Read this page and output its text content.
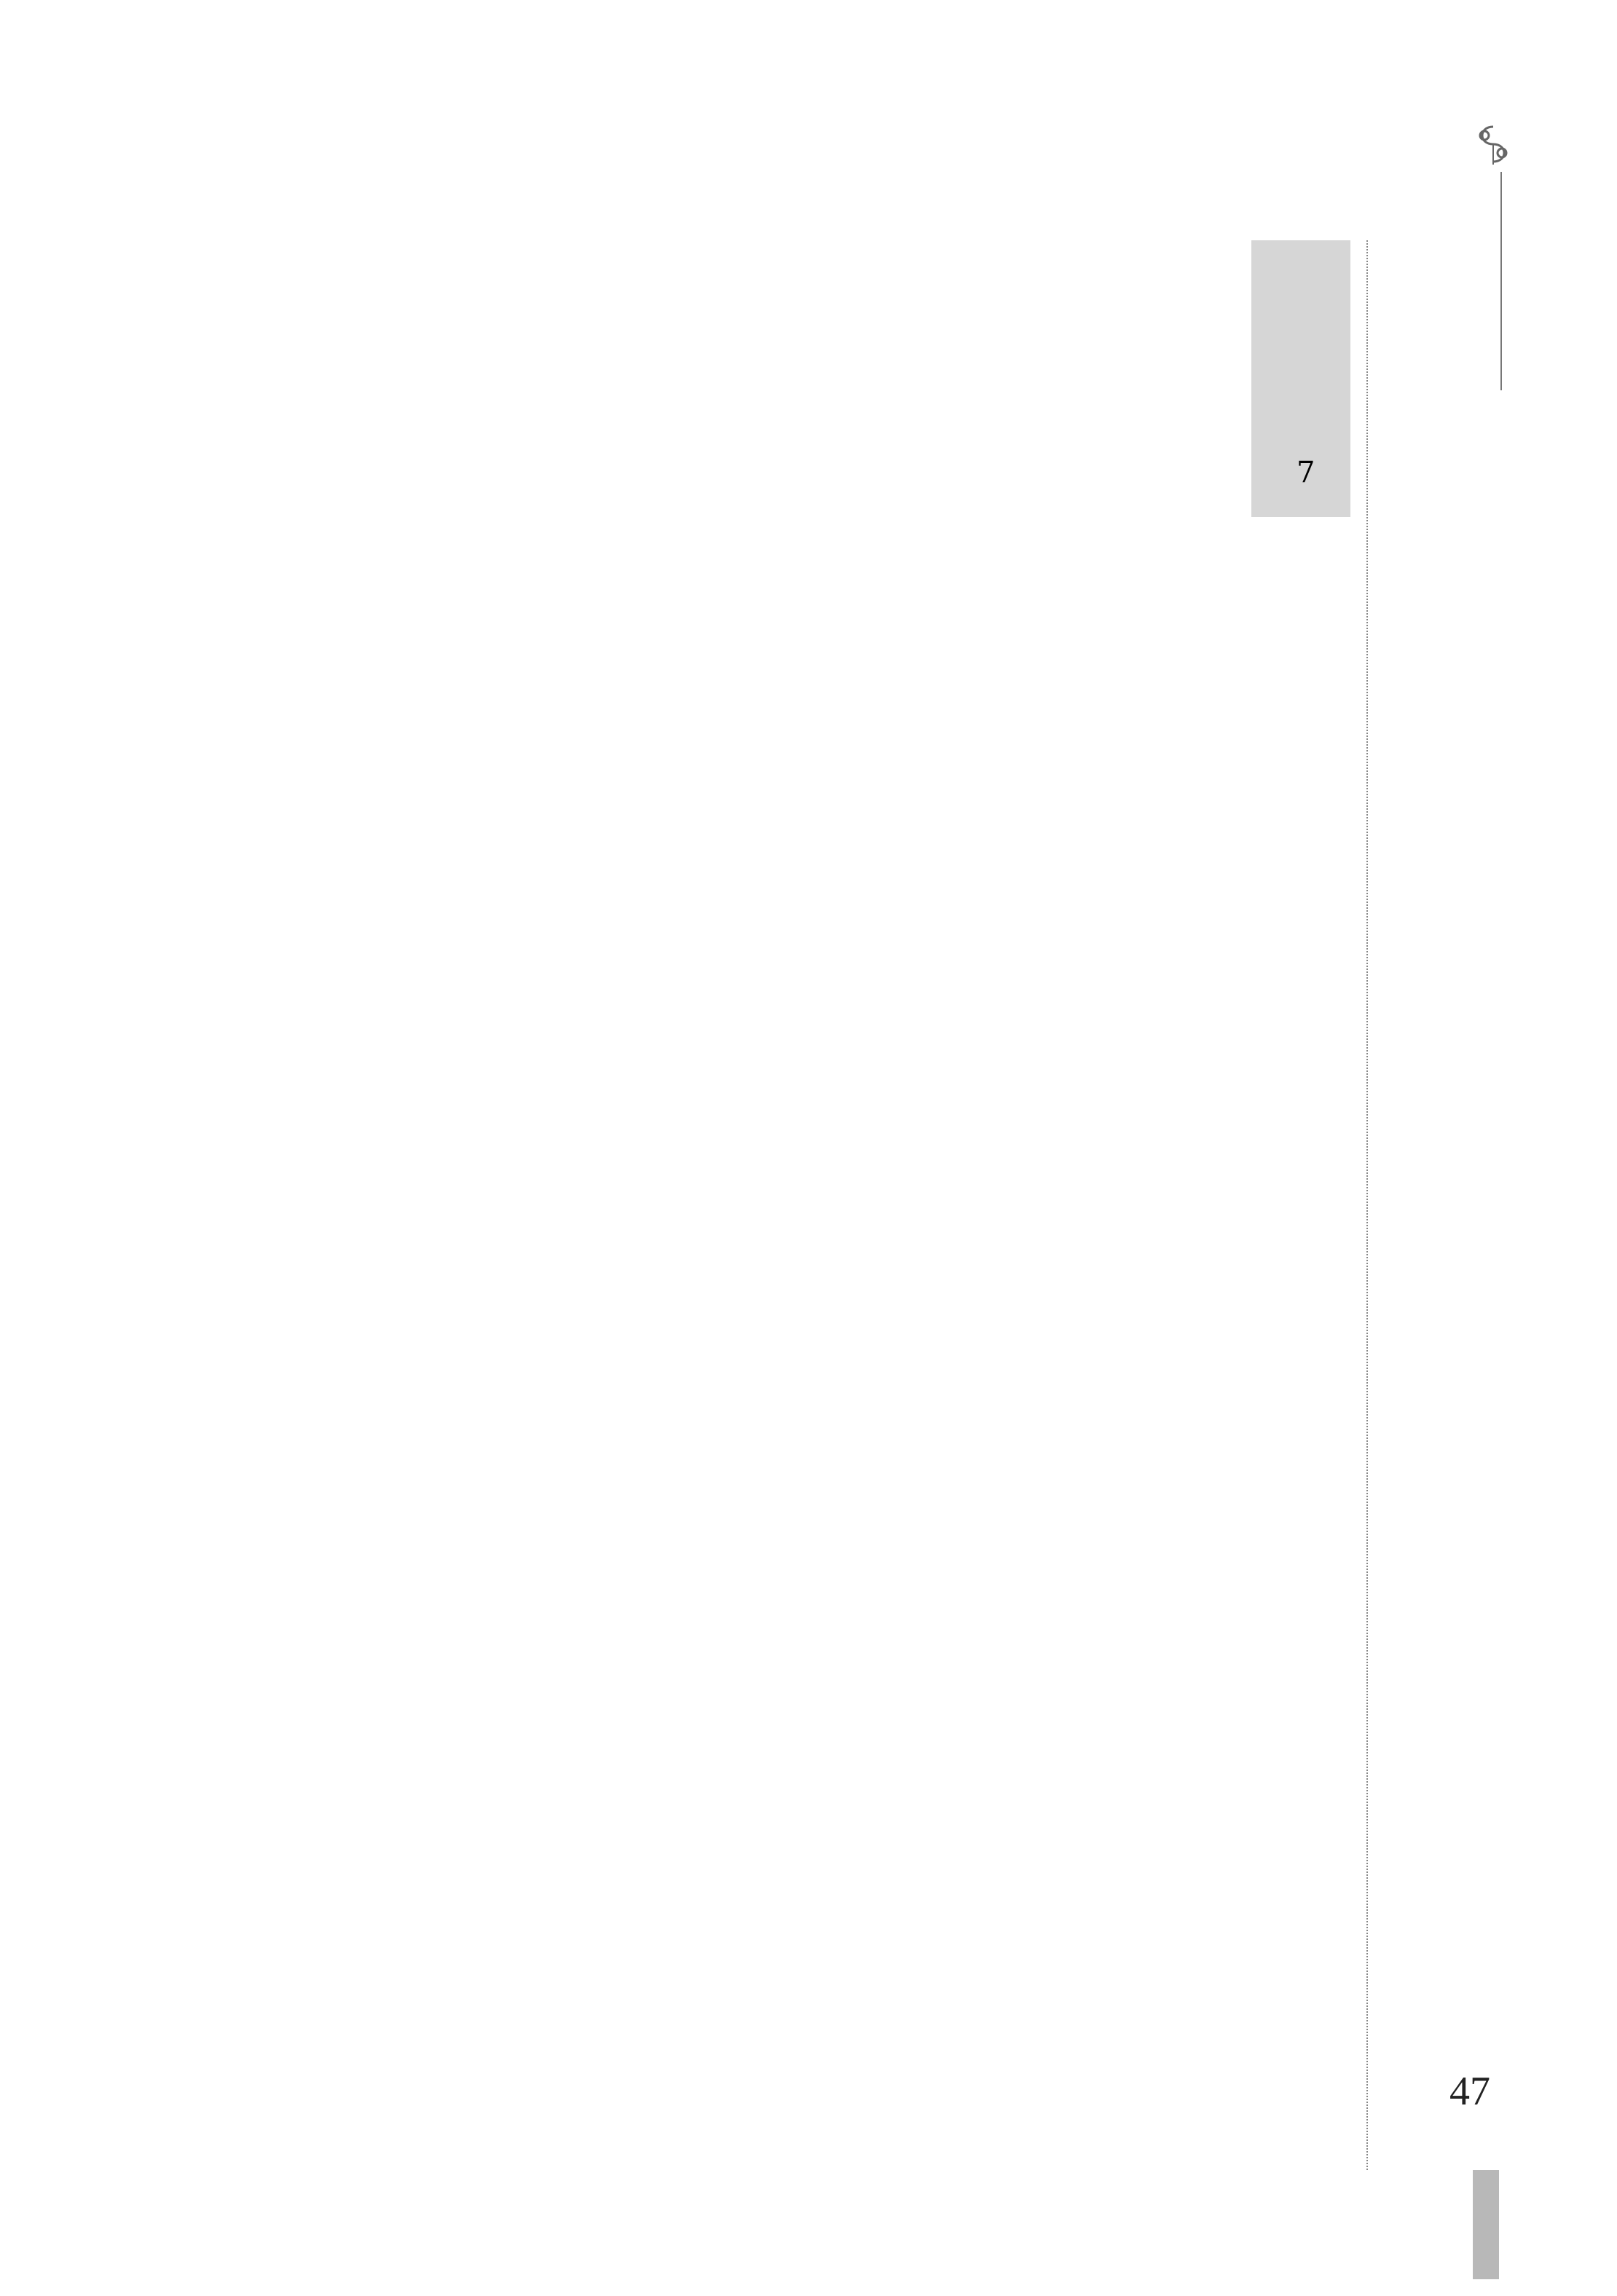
7
47
